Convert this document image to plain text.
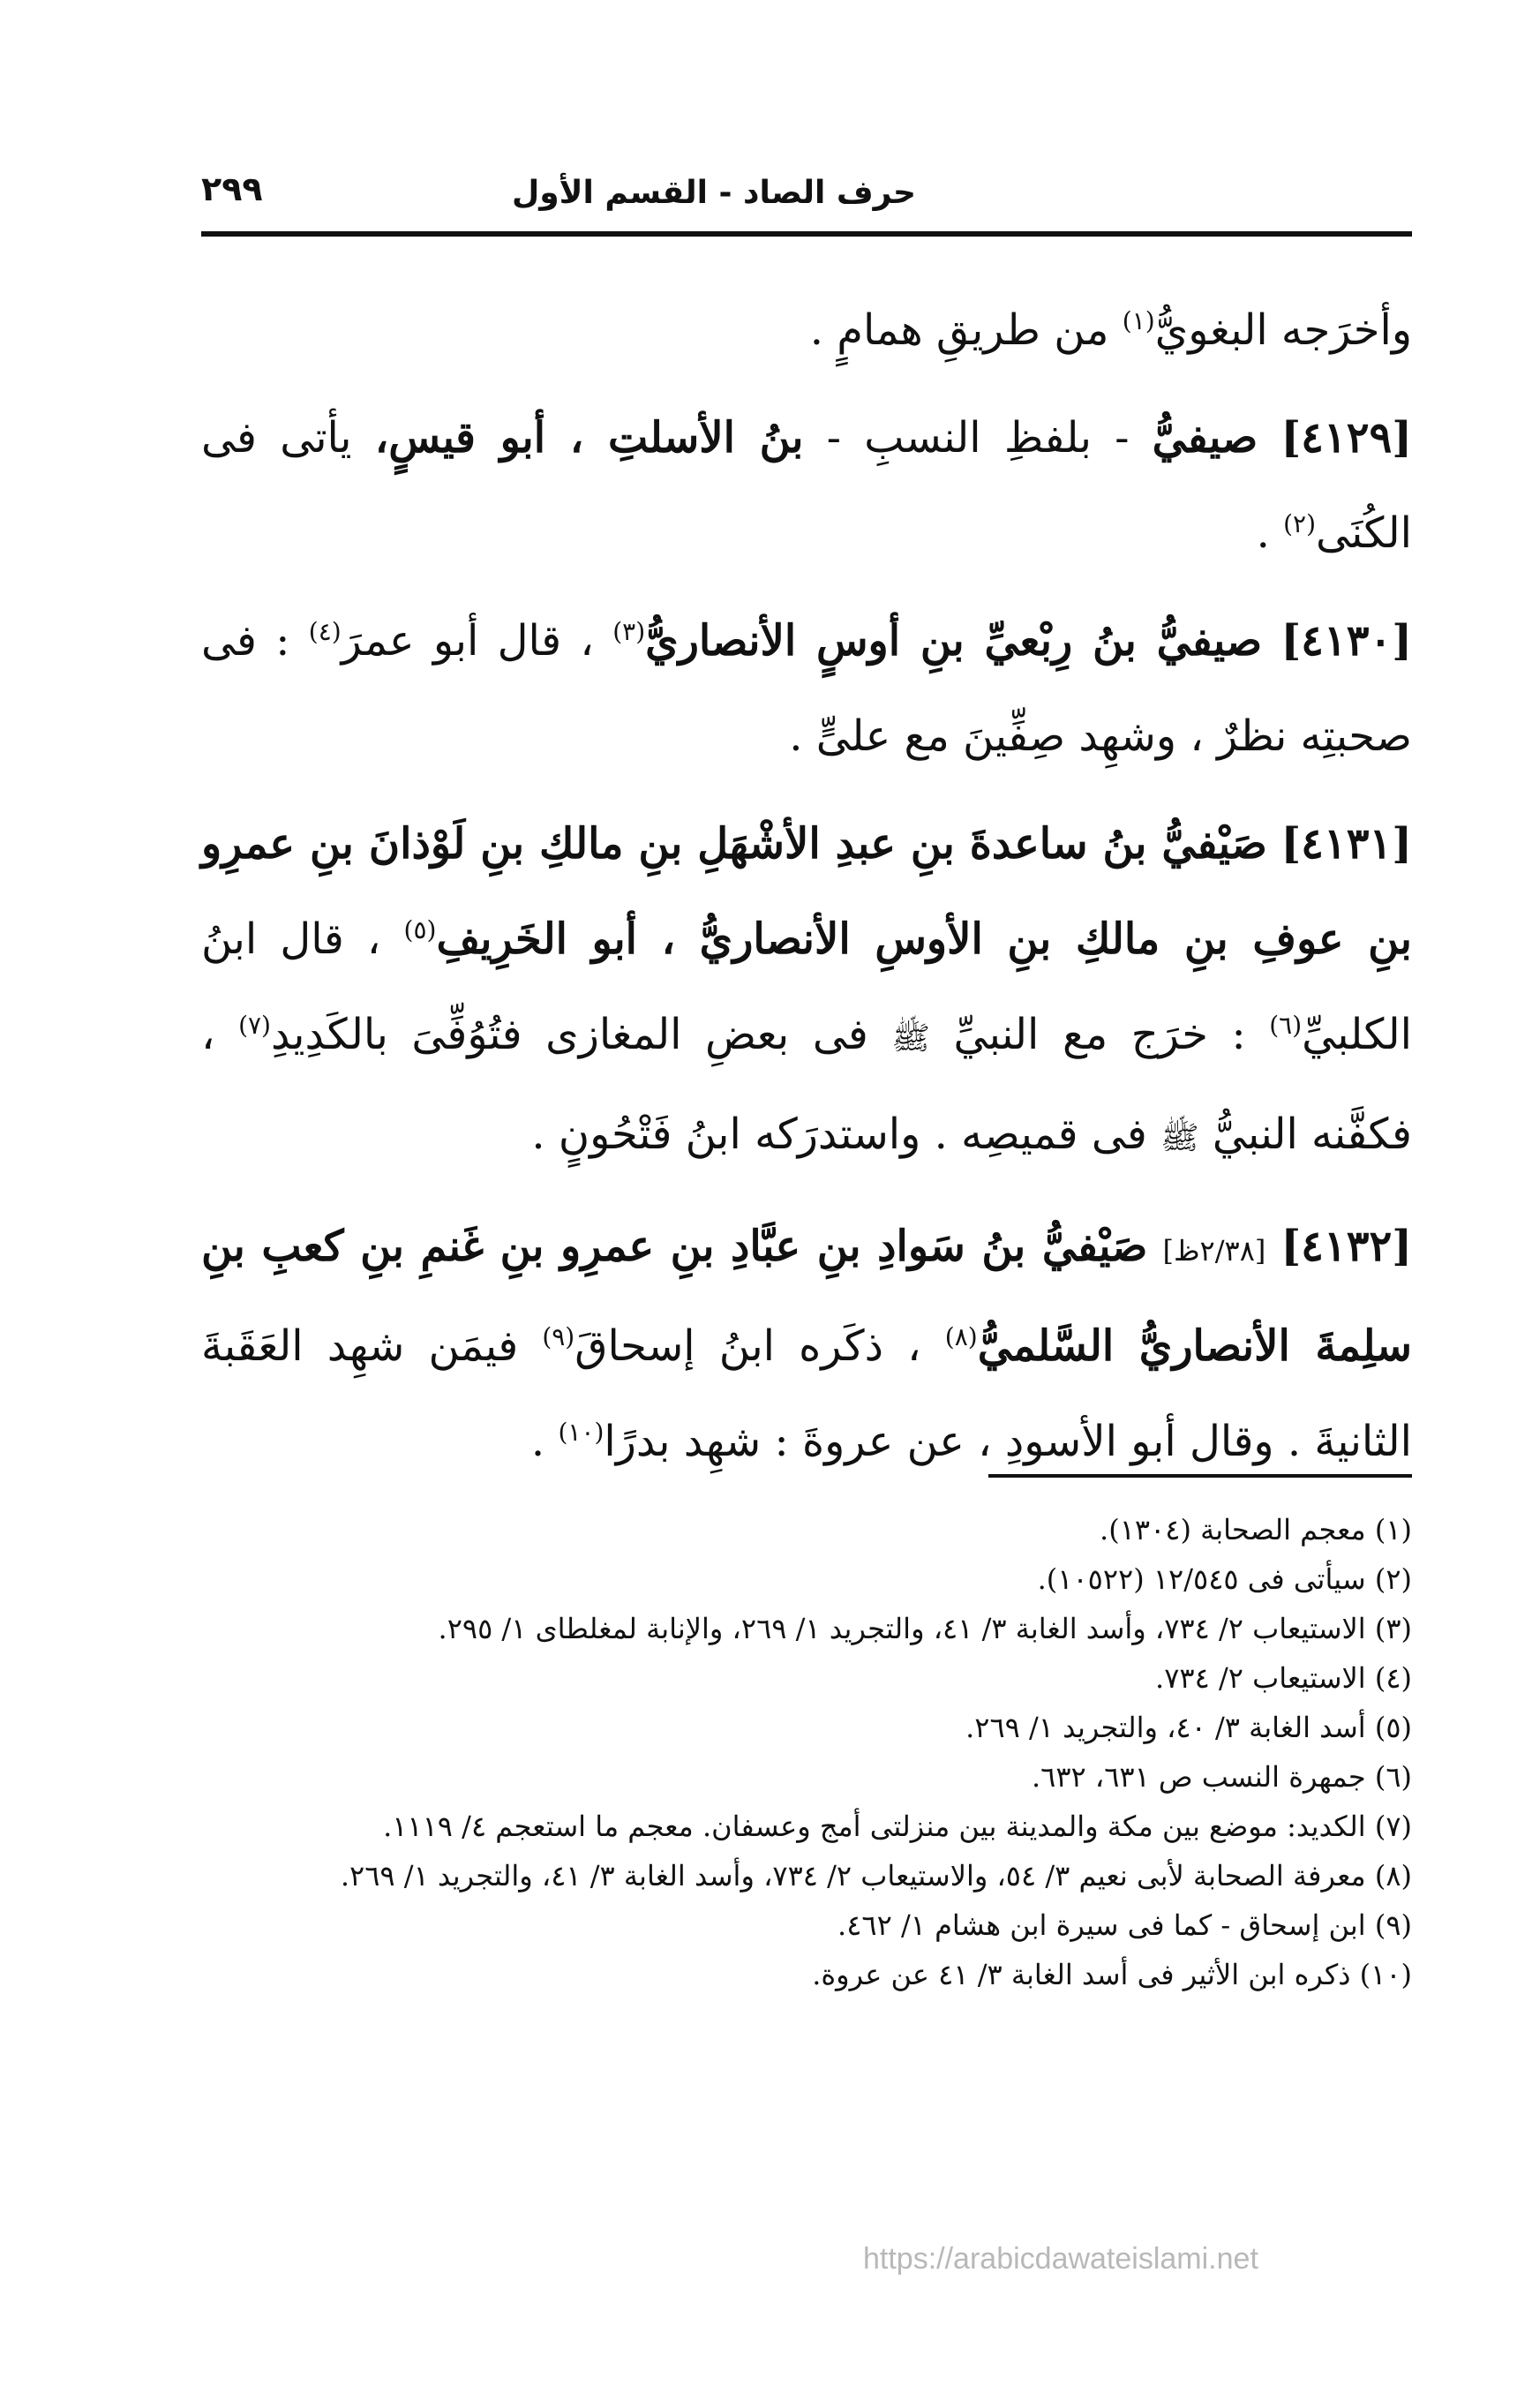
حرف الصاد - القسم الأول
٢٩٩

وأخرَجه البغويُّ$^{(١)}$ من طريقِ همامٍ .

[٤١٢٩] صيفيُّ - بلفظِ النسبِ - بنُ الأسلتِ ، أبو قيسٍ، يأتى فى الكُنَى$^{(٢)}$ .

[٤١٣٠] صيفيُّ بنُ رِبْعيِّ بنِ أوسٍ الأنصاريُّ$^{(٣)}$ ، قال أبو عمرَ$^{(٤)}$ : فى صحبتِه نظرٌ ، وشهِد صِفِّينَ مع علىٍّ .

[٤١٣١] صَيْفيُّ بنُ ساعدةَ بنِ عبدِ الأشْهَلِ بنِ مالكِ بنِ لَوْذانَ بنِ عمرِو بنِ عوفِ بنِ مالكِ بنِ الأوسِ الأنصاريُّ ، أبو الخَرِيفِ$^{(٥)}$ ، قال ابنُ الكلبيِّ$^{(٦)}$ : خرَج مع النبيِّ ﷺ فى بعضِ المغازى فتُوُفِّىَ بالكَدِيدِ$^{(٧)}$ ، فكفَّنه النبيُّ ﷺ فى قميصِه . واستدرَكه ابنُ فَتْحُونٍ .

[٤١٣٢] [٢/٣٨ظ] صَيْفيُّ بنُ سَوادِ بنِ عبَّادِ بنِ عمرِو بنِ غَنمِ بنِ كعبِ بنِ سلِمةَ الأنصاريُّ السَّلميُّ$^{(٨)}$ ، ذكَره ابنُ إسحاقَ$^{(٩)}$ فيمَن شهِد العَقَبةَ الثانيةَ . وقال أبو الأسودِ ، عن عروةَ : شهِد بدرًا$^{(١٠)}$ .

(١) معجم الصحابة (١٣٠٤).

(٢) سيأتى فى ١٢/٥٤٥ (١٠٥٢٢).

(٣) الاستيعاب ٢/ ٧٣٤، وأسد الغابة ٣/ ٤١، والتجريد ١/ ٢٦٩، والإنابة لمغلطاى ١/ ٢٩٥.

(٤) الاستيعاب ٢/ ٧٣٤.

(٥) أسد الغابة ٣/ ٤٠، والتجريد ١/ ٢٦٩.

(٦) جمهرة النسب ص ٦٣١، ٦٣٢.

(٧) الكديد: موضع بين مكة والمدينة بين منزلتى أمج وعسفان. معجم ما استعجم ٤/ ١١١٩.

(٨) معرفة الصحابة لأبى نعيم ٣/ ٥٤، والاستيعاب ٢/ ٧٣٤، وأسد الغابة ٣/ ٤١، والتجريد ١/ ٢٦٩.

(٩) ابن إسحاق - كما فى سيرة ابن هشام ١/ ٤٦٢.

(١٠) ذكره ابن الأثير فى أسد الغابة ٣/ ٤١ عن عروة.

https://arabicdawateislami.net
